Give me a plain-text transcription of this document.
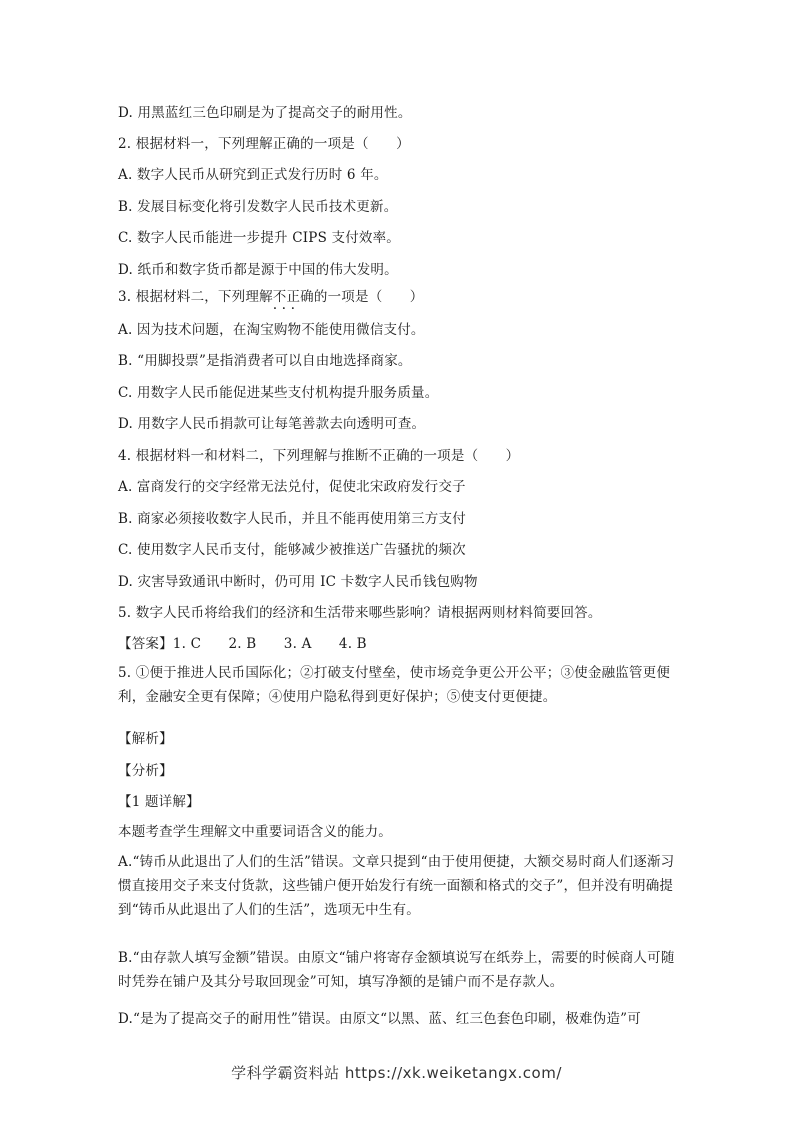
D. 用黑蓝红三色印刷是为了提高交子的耐用性。
2. 根据材料一，下列理解正确的一项是（　　）
A. 数字人民币从研究到正式发行历时 6 年。
B. 发展目标变化将引发数字人民币技术更新。
C. 数字人民币能进一步提升 CIPS 支付效率。
D. 纸币和数字货币都是源于中国的伟大发明。
3. 根据材料二，下列理解不正确 · · ·的一项是（　　）
A. 因为技术问题，在淘宝购物不能使用微信支付。
B. “用脚投票”是指消费者可以自由地选择商家。
C. 用数字人民币能促进某些支付机构提升服务质量。
D. 用数字人民币捐款可让每笔善款去向透明可查。
4. 根据材料一和材料二，下列理解与推断不正确的一项是（　　）
A. 富商发行的交字经常无法兑付，促使北宋政府发行交子
B. 商家必须接收数字人民币，并且不能再使用第三方支付
C. 使用数字人民币支付，能够减少被推送广告骚扰的频次
D. 灾害导致通讯中断时，仍可用 IC 卡数字人民币钱包购物
5. 数字人民币将给我们的经济和生活带来哪些影响？请根据两则材料简要回答。
【答案】1. C　　2. B　　3. A　　4. B
5. ①便于推进人民币国际化；②打破支付壁垒，使市场竞争更公开公平；③使金融监管更便利，金融安全更有保障；④使用户隐私得到更好保护；⑤使支付更便捷。
【解析】
【分析】
【1 题详解】
本题考查学生理解文中重要词语含义的能力。
A.“铸币从此退出了人们的生活”错误。文章只提到“由于使用便捷，大额交易时商人们逐渐习惯直接用交子来支付货款，这些铺户便开始发行有统一面额和格式的交子”，但并没有明确提到“铸币从此退出了人们的生活”，选项无中生有。
B.“由存款人填写金额”错误。由原文“铺户将寄存金额填说写在纸券上，需要的时候商人可随时凭券在铺户及其分号取回现金”可知，填写净额的是铺户而不是存款人。
D.“是为了提高交子的耐用性”错误。由原文“以黑、蓝、红三色套色印刷，极难伪造”可
学科学霸资料站 https://xk.weiketangx.com/
